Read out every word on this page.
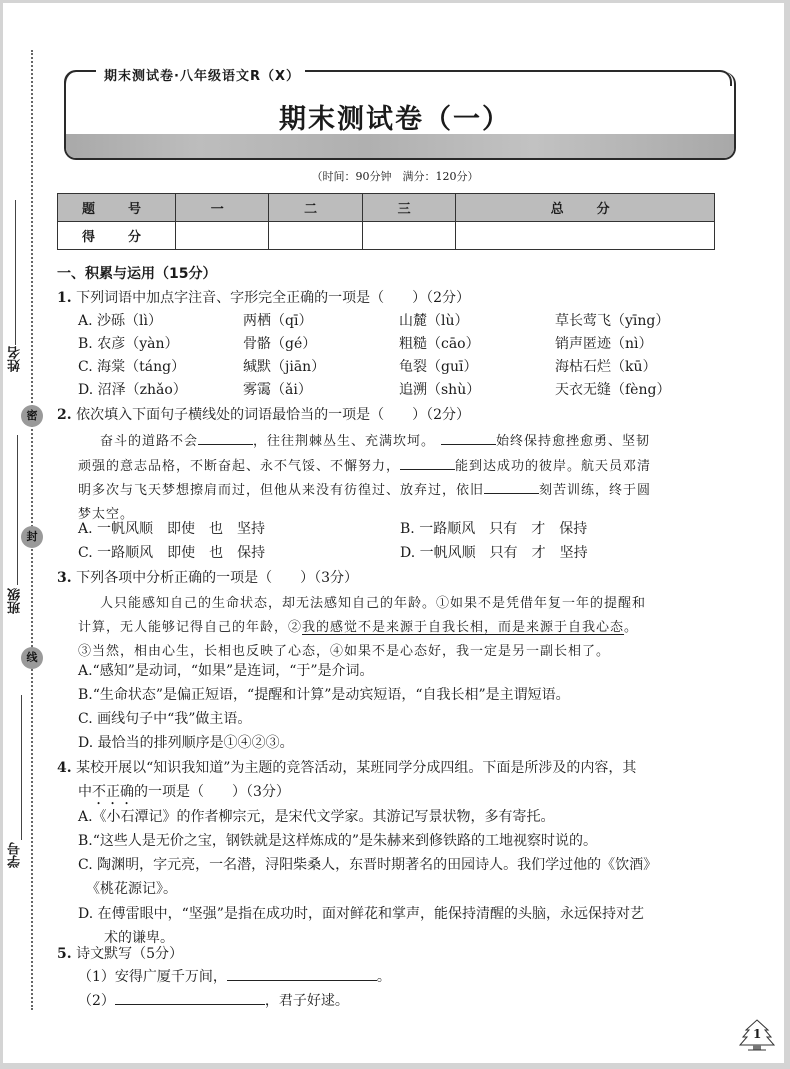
姓名
密
封
班级
线
学号
期末测试卷·八年级语文R（X）
期末测试卷（一）
（时间：90分钟　满分：120分）
题　号	一	二	三	总　分
得　分				
一、积累与运用（15分）
1. 下列词语中加点字注音、字形完全正确的一项是（　　）（2分）
A. 沙砾（lì）	两栖（qī）	山麓（lù）	草长莺飞（yīng）
B. 农彦（yàn）	骨骼（gé）	粗糙（cāo）	销声匿迹（nì）
C. 海棠（táng）	缄默（jiān）	龟裂（guī）	海枯石烂（kū）
D. 沼泽（zhǎo）	雾霭（ǎi）	追溯（shù）	天衣无缝（fèng）
2. 依次填入下面句子横线处的词语最恰当的一项是（　　）（2分）
奋斗的道路不会	，往往荆棘丛生、充满坎坷。	始终保持愈挫愈勇、坚韧
顽强的意志品格，不断奋起、永不气馁、不懈努力，	能到达成功的彼岸。航天员邓清
明多次与飞天梦想擦肩而过，但他从来没有彷徨过、放弃过，依旧	刻苦训练，终于圆
梦太空。
A. 一帆风顺　即使　也　坚持	B. 一路顺风　只有　才　保持
C. 一路顺风　即使　也　保持	D. 一帆风顺　只有　才　坚持
3. 下列各项中分析正确的一项是（　　）（3分）
人只能感知自己的生命状态，却无法感知自己的年龄。①如果不是凭借年复一年的提醒和
计算，无人能够记得自己的年龄，②我的感觉不是来源于自我长相，而是来源于自我心态。
③当然，相由心生，长相也反映了心态，④如果不是心态好，我一定是另一副长相了。
A.“感知”是动词，“如果”是连词，“于”是介词。
B.“生命状态”是偏正短语，“提醒和计算”是动宾短语，“自我长相”是主谓短语。
C. 画线句子中“我”做主语。
D. 最恰当的排列顺序是①④②③。
4. 某校开展以“知识我知道”为主题的竞答活动，某班同学分成四组。下面是所涉及的内容，其
中不正确的一项是（　　）（3分）
A.《小石潭记》的作者柳宗元，是宋代文学家。其游记写景状物，多有寄托。
B.“这些人是无价之宝，钢铁就是这样炼成的”是朱赫来到修铁路的工地视察时说的。
C. 陶渊明，字元亮，一名潜，浔阳柴桑人，东晋时期著名的田园诗人。我们学过他的《饮酒》
《桃花源记》。
D. 在傅雷眼中，“坚强”是指在成功时，面对鲜花和掌声，能保持清醒的头脑，永远保持对艺
术的谦卑。
5. 诗文默写（5分）
（1）安得广厦千万间，	。
（2）	，君子好逑。
1
